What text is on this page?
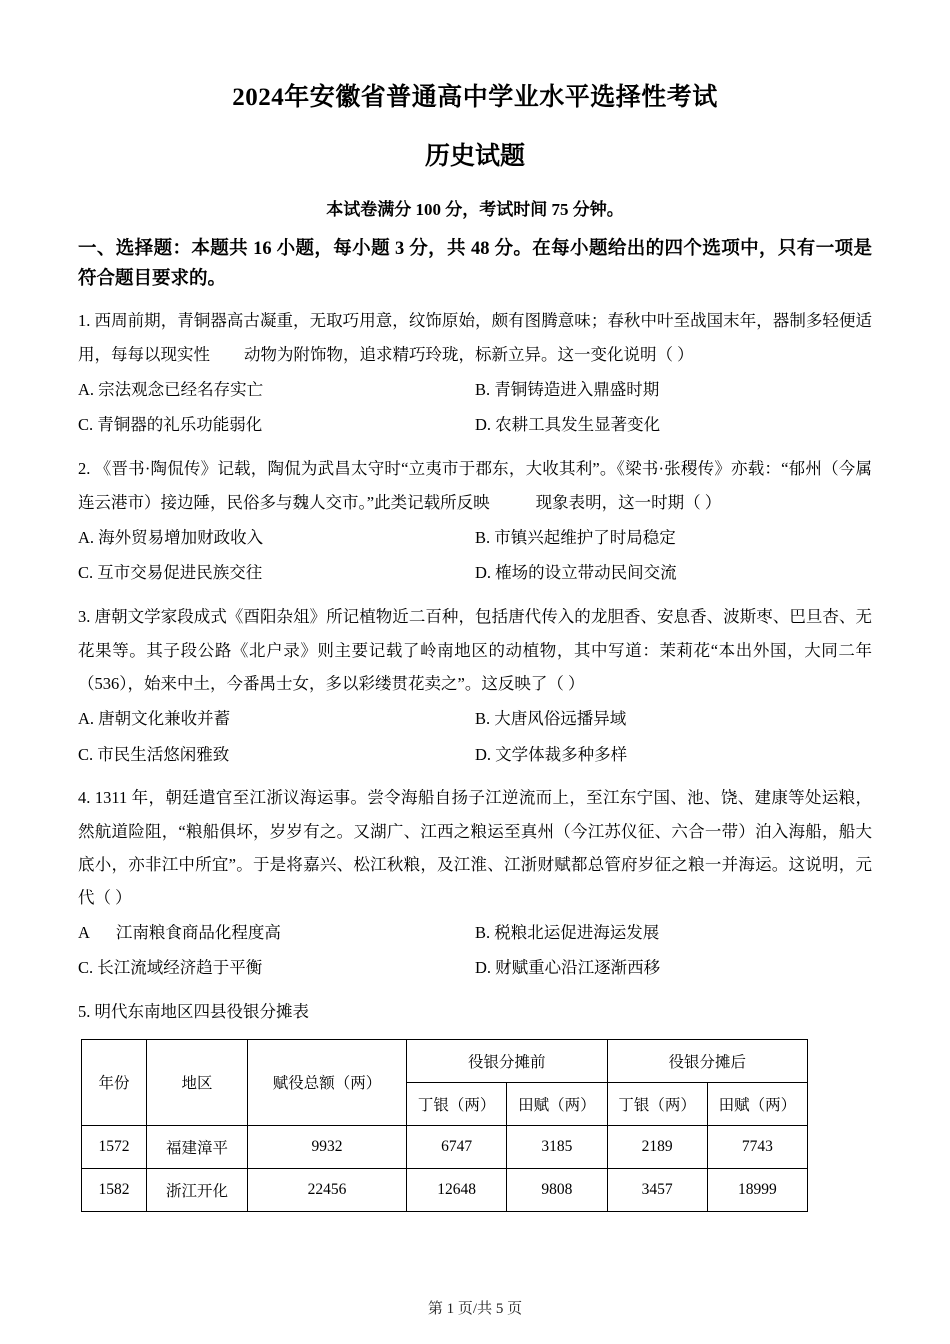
2024年安徽省普通高中学业水平选择性考试
历史试题

本试卷满分 100 分，考试时间 75 分钟。

一、选择题：本题共 16 小题，每小题 3 分，共 48 分。在每小题给出的四个选项中，只有一项是符合题目要求的。

1. 西周前期，青铜器高古凝重，无取巧用意，纹饰原始，颇有图腾意味；春秋中叶至战国末年，器制多轻便适用，每每以现实性 动物为附饰物，追求精巧玲珑，标新立异。这一变化说明（ ）

A. 宗法观念已经名存实亡	B. 青铜铸造进入鼎盛时期
C. 青铜器的礼乐功能弱化	D. 农耕工具发生显著变化

2. 《晋书·陶侃传》记载，陶侃为武昌太守时“立夷市于郡东，大收其利”。《梁书·张稷传》亦载：“郁州（今属连云港市）接边陲，民俗多与魏人交市。”此类记载所反映	现象表明，这一时期（ ）

A. 海外贸易增加财政收入	B. 市镇兴起维护了时局稳定
C. 互市交易促进民族交往	D. 榷场的设立带动民间交流

3. 唐朝文学家段成式《酉阳杂俎》所记植物近二百种，包括唐代传入的龙胆香、安息香、波斯枣、巴旦杏、无花果等。其子段公路《北户录》则主要记载了岭南地区的动植物，其中写道：茉莉花“本出外国，大同二年（536），始来中土，今番禺士女，多以彩缕贯花卖之”。这反映了（ ）

A. 唐朝文化兼收并蓄	B. 大唐风俗远播异域
C. 市民生活悠闲雅致	D. 文学体裁多种多样

4. 1311 年，朝廷遣官至江浙议海运事。尝令海船自扬子江逆流而上，至江东宁国、池、饶、建康等处运粮，然航道险阻，“粮船俱坏，岁岁有之。又湖广、江西之粮运至真州（今江苏仪征、六合一带）泊入海船，船大底小，亦非江中所宜”。于是将嘉兴、松江秋粮，及江淮、江浙财赋都总管府岁征之粮一并海运。这说明，元代（ ）

A 江南粮食商品化程度高	B. 税粮北运促进海运发展
C. 长江流域经济趋于平衡	D. 财赋重心沿江逐渐西移

5. 明代东南地区四县役银分摊表

年份	地区	赋役总额（两）	役银分摊前		役银分摊后	
			丁银（两）	田赋（两）	丁银（两）	田赋（两）
1572	福建漳平	9932	6747	3185	2189	7743
1582	浙江开化	22456	12648	9808	3457	18999
第 1 页/共 5 页
